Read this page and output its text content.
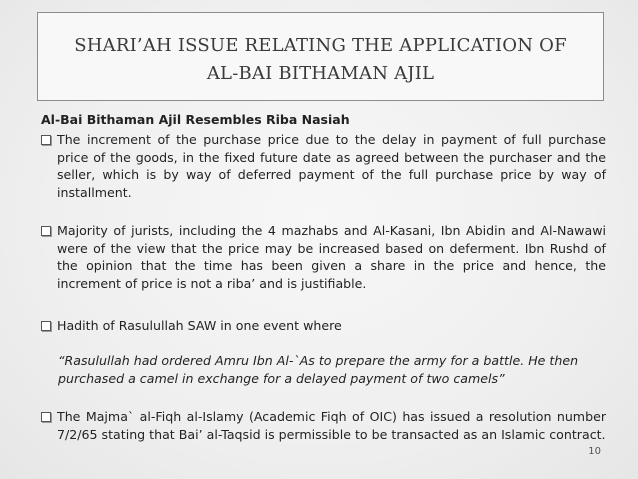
SHARI’AH ISSUE RELATING THE APPLICATION OF
AL-BAI BITHAMAN AJIL
Al-Bai Bithaman Ajil Resembles Riba Nasiah
The increment of the purchase price due to the delay in payment of full purchase price of the goods, in the fixed future date as agreed between the purchaser and the seller, which is by way of deferred payment of the full purchase price by way of installment.
Majority of jurists, including the 4 mazhabs and Al-Kasani, Ibn Abidin and Al-Nawawi were of the view that the price may be increased based on deferment. Ibn Rushd of the opinion that the time has been given a share in the price and hence, the increment of price is not a riba’ and is justifiable.
Hadith of Rasulullah SAW in one event where
“Rasulullah had ordered Amru Ibn Al-`As to prepare the army for a battle. He then purchased a camel in exchange for a delayed payment of two camels”
The Majma` al-Fiqh al-Islamy (Academic Fiqh of OIC) has issued a resolution number 7/2/65 stating that Bai’ al-Taqsid is permissible to be transacted as an Islamic contract.
10
